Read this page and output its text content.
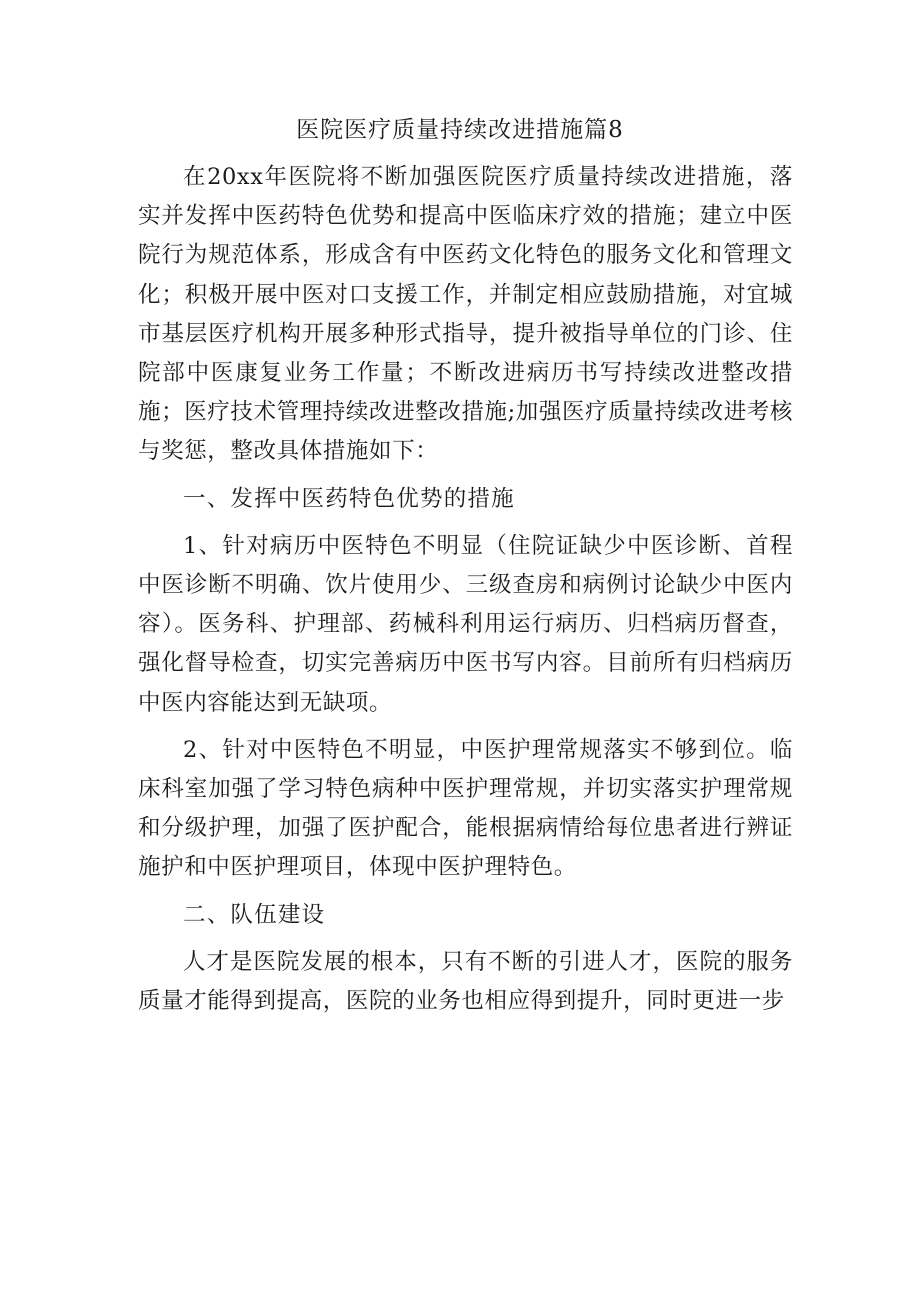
医院医疗质量持续改进措施篇8

在20xx年医院将不断加强医院医疗质量持续改进措施，落实并发挥中医药特色优势和提高中医临床疗效的措施；建立中医院行为规范体系，形成含有中医药文化特色的服务文化和管理文化；积极开展中医对口支援工作，并制定相应鼓励措施，对宜城市基层医疗机构开展多种形式指导，提升被指导单位的门诊、住院部中医康复业务工作量；不断改进病历书写持续改进整改措施；医疗技术管理持续改进整改措施;加强医疗质量持续改进考核与奖惩，整改具体措施如下：

一、发挥中医药特色优势的措施

1、针对病历中医特色不明显（住院证缺少中医诊断、首程中医诊断不明确、饮片使用少、三级查房和病例讨论缺少中医内容）。医务科、护理部、药械科利用运行病历、归档病历督查，强化督导检查，切实完善病历中医书写内容。目前所有归档病历中医内容能达到无缺项。

2、针对中医特色不明显，中医护理常规落实不够到位。临床科室加强了学习特色病种中医护理常规，并切实落实护理常规和分级护理，加强了医护配合，能根据病情给每位患者进行辨证施护和中医护理项目，体现中医护理特色。

二、队伍建设

人才是医院发展的根本，只有不断的引进人才，医院的服务质量才能得到提高，医院的业务也相应得到提升，同时更进一步
